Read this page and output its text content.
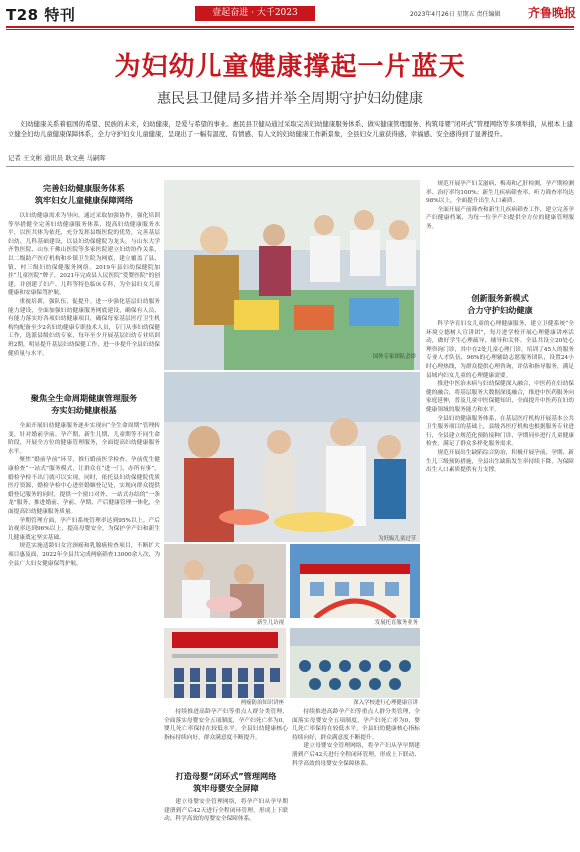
T28 特刊	壹起奋进 · 大千2023	2023年4月26日 星期五 责任编辑 齐鲁晚报
为妇幼儿童健康撑起一片蓝天
惠民县卫健局多措并举全周期守护妇幼健康
妇幼健康关系着祖国的希望、民族的未来，妇幼健康，是爱与希望的事业。惠民县卫健局通过采取完善妇幼健康服务体系、做实健康管理服务、构筑母婴“闭环式”管理网络等多项举措，从根本上建立健全妇幼儿童健康保障体系，全力守护妇女儿童健康，呈现出了一幅有温度、有情感、有人文的妇幼健康工作新景象，全县妇女儿童获得感、幸福感、安全感得到了显著提升。
记者 王文彬 通讯员 耿文燕 马嗣晖
完善妇幼健康服务体系
筑牢妇女儿童健康保障网络

以妇幼健康需求为导向，通过采取加强协作，强化培训等举措健全完善妇幼健康服务体系，提高妇幼健康服务水平，以医共体为依托，充分发挥县级医院的优势，完善基层妇幼、儿科基础建设，以县妇幼保健院为龙头，与山东大学齐鲁医院、山东千佛山医院等多家医院建立妇幼协作关系，以二级助产医疗机构和乡镇卫生院为网底，建立覆盖了县、镇、村三级妇幼保健服务网络。2019年县妇幼保健院加挂“儿童医院”牌子，2021年完成县人民医院“爱婴医院”的创建，并创建了妇产、儿科等特色临床专科，为全县妇女儿童健康和安康保驾护航。

重视培训，强队伍，促提升。进一步强化基层妇幼服务能力建设，全面加强妇幼健康服务网底建设，确保有人员、有能力落实好各项妇幼健康项目，确保每家基层医疗卫生机构均配备至少2名妇幼健康专职技术人员，专门从事妇幼保健工作，选派县级妇幼专家，每年至少开展基层妇幼专业培训班2期，明显提升基层妇幼保健工作，进一步提升全县妇幼保健质量与水平。

聚焦全生命周期健康管理服务
夯实妇幼健康根基

全面开展妇幼健康服务逐步实现向“全生命周期”管理转变，针对婚前孕前、孕产期、新生儿期、儿童期等不同生命阶段，开展全方位的健康管理服务，全面提高妇幼健康服务水平。

聚焦“婚前孕前”环节，推行婚前医学检查、孕前优生健康检查“一站式”服务模式，让群众在“进一门、办所有事”，婚检孕检不出门就可以实现。同时，依托县妇幼保健院优质医疗资源，婚检孕检中心进驻婚姻登记处，实现向群众提供婚登记服务的同时，提供一个窗口对外、一站式办结的“一条龙”服务，推进婚前、孕前、孕期、产后健康管理一体化，全面提高妇幼健康服务质量。

孕期管理方面，孕产妇系统管理率达到95%以上。产后访视率达到96%以上，提高母婴安全，为保护孕产妇和新生儿健康奠定坚实基础。

规范实施适龄妇女宫颈癌和乳腺癌检查项目，不断扩大项目惠及面，2022年全县共完成两癌筛查13000余人次，为全县广大妇女健康保驾护航。

国外专家团队会诊
为妊娠儿童过节
新生儿访视	发展托育服务业务
两癌防治知识讲座	深入学校进行心理健康宣讲

持续推进高龄孕产妇等重点人群分类管理，全面落实母婴安全五项制度，孕产妇死亡率为0，婴儿死亡率保持在较低水平，全县妇幼健康核心指标持续向好，群众满意度不断提升。

打造母婴“闭环式”管理网络
筑牢母婴安全屏障

建立母婴安全管理网络，将孕产妇从孕早期建册到产后42天进行全程闭环管理，形成上下联动、科学高效的母婴安全保障体系。

持续推进高龄孕产妇等重点人群分类管理，全面落实母婴安全五项制度，孕产妇死亡率为0，婴儿死亡率保持在较低水平，全县妇幼健康核心指标持续向好，群众满意度不断提升。

建立母婴安全管理网络，将孕产妇从孕早期建册到产后42天进行全程闭环管理，形成上下联动、科学高效的母婴安全保障体系。

规范开展孕产妇艾滋病、梅毒和乙肝检测，孕产期检测率、治疗率均100%；新生儿疾病筛查率、听力筛查率均达98%以上，全面提升出生人口素质。

全面开展产前筛查和新生儿疾病筛查工作，建立完善孕产妇健康档案，为每一位孕产妇提供全方位的健康管理服务。

创新服务新模式
合力守护妇幼健康

科学孕育妇女儿童的心理健康服务，建立卫健系统“全环境立德树人宣讲团”，每月进学校开展心理健康讲座活动，做好学生心理疏导、辅导和关怀。全县共设立20处心理咨询门诊，其中在2处儿童心理门诊，培训了45人的服务专业人才队伍，96%的心理辅助志愿服务团队，设置24小时心理热线，为群众提供心理咨询，评估和指导服务，满足县域内妇女儿童的心理健康需要。

推进中医治未病与妇幼保健深入融合，中医药在妇幼保健的融合，将基层服务大数据深度融合，推进中医药服务向家庭延伸，普及儿童中医保健知识，全面提升中医药在妇幼健康领域的服务能力和水平。

全县妇幼健康服务体系，在基层医疗机构开展基本公共卫生服务项目的基础上，县级各医疗机构也根据服务专业进行，全县建立规范化预防接种门诊，孕期同步进行儿童健康检查，满足了群众多样化服务需求。

规范开展出生缺陷综合防治，积极开展孕前、孕期、新生儿三级预防措施，全县出生缺陷发生率持续下降，为保障出生人口素质提供有力支撑。
